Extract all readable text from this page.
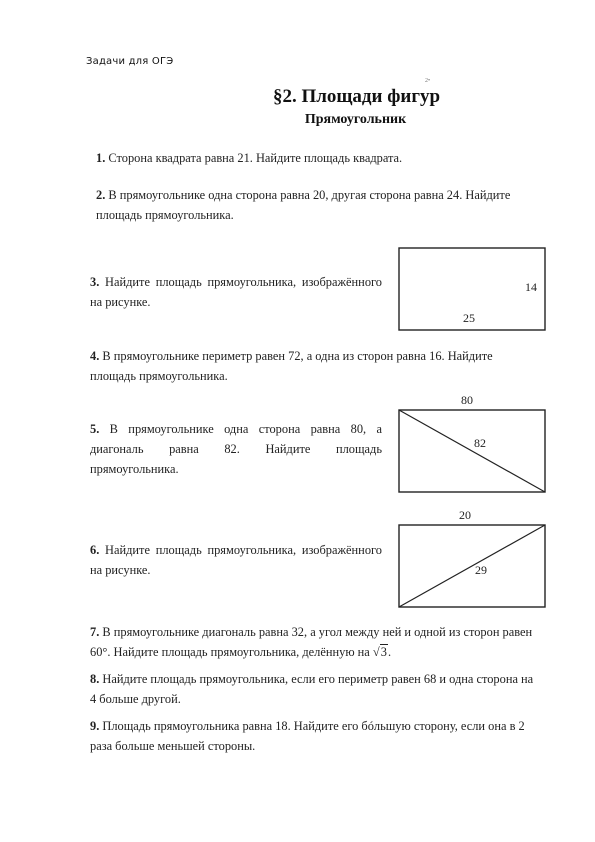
Задачи для ОГЭ
2•
§2. Площади фигур
Прямоугольник
1. Сторона квадрата равна 21. Найдите площадь квадрата.
2. В прямоугольнике одна сторона равна 20, другая сторона равна 24. Найдите площадь прямоугольника.
3. Найдите площадь прямоугольника, изображённого на рисунке.
14
25
4. В прямоугольнике периметр равен 72, а одна из сторон равна 16. Найдите площадь прямоугольника.
5. В прямоугольнике одна сторона равна 80, а диагональ равна 82. Найдите площадь прямоугольника.
80
82
6. Найдите площадь прямоугольника, изображённого на рисунке.
20
29
7. В прямоугольнике диагональ равна 32, а угол между ней и одной из сторон равен 60°. Найдите площадь прямоугольника, делённую на √3.
8. Найдите площадь прямоугольника, если его периметр равен 68 и одна сторона на 4 больше другой.
9. Площадь прямоугольника равна 18. Найдите его бóльшую сторону, если она в 2 раза больше меньшей стороны.
